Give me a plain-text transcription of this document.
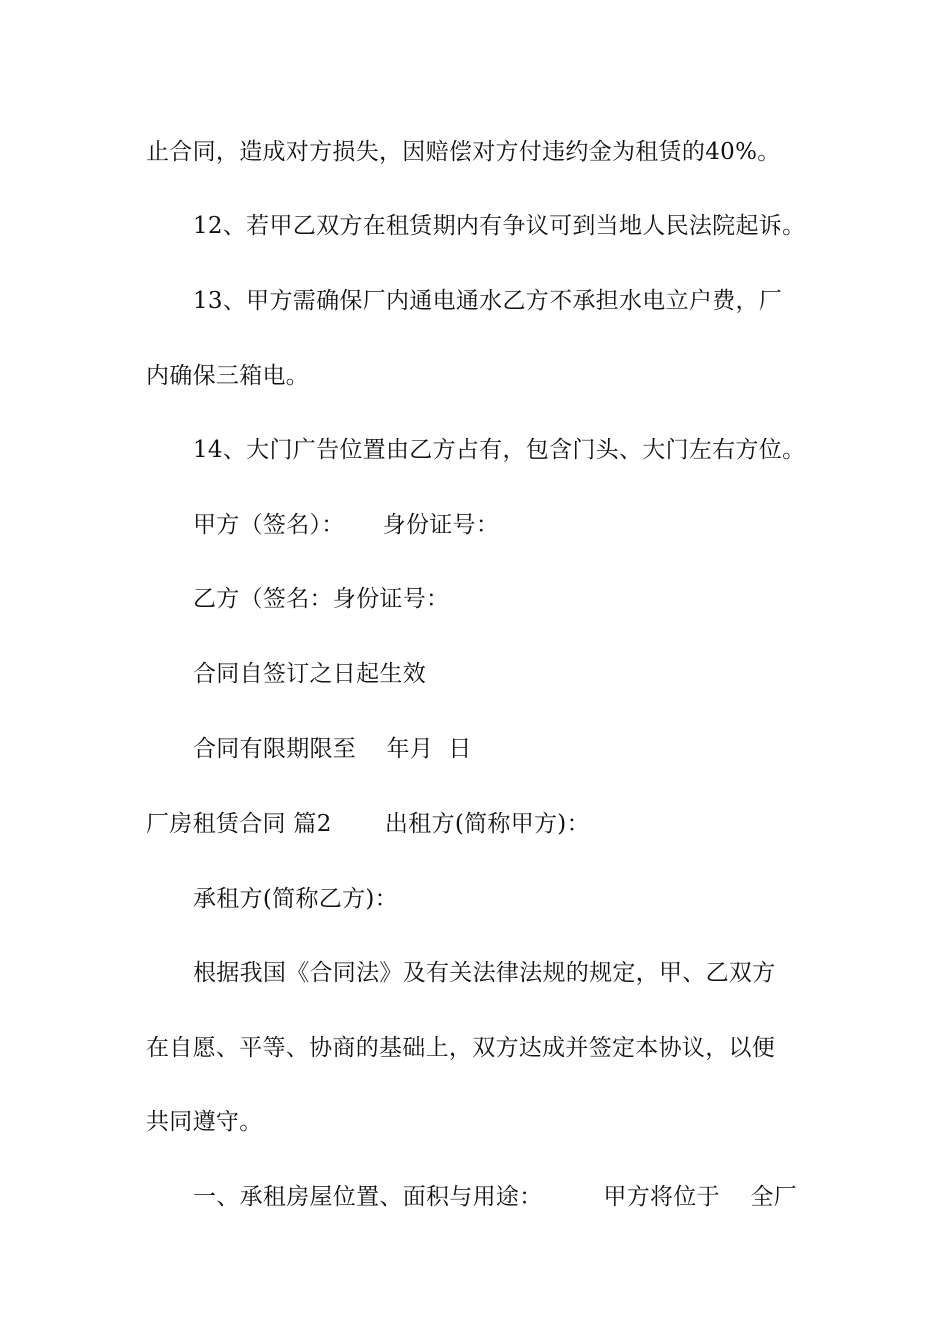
止合同，造成对方损失，因赔偿对方付违约金为租赁的40%。
12、若甲乙双方在租赁期内有争议可到当地人民法院起诉。
13、甲方需确保厂内通电通水乙方不承担水电立户费，厂
内确保三箱电。
14、大门广告位置由乙方占有，包含门头、大门左右方位。
甲方（签名）：     身份证号：
乙方（签名：身份证号：
合同自签订之日起生效
合同有限期限至    年月  日
厂房租赁合同 篇2       出租方(简称甲方)：
承租方(简称乙方)：
根据我国《合同法》及有关法律法规的规定，甲、乙双方
在自愿、平等、协商的基础上，双方达成并签定本协议，以便
共同遵守。
一、承租房屋位置、面积与用途：        甲方将位于    全厂
